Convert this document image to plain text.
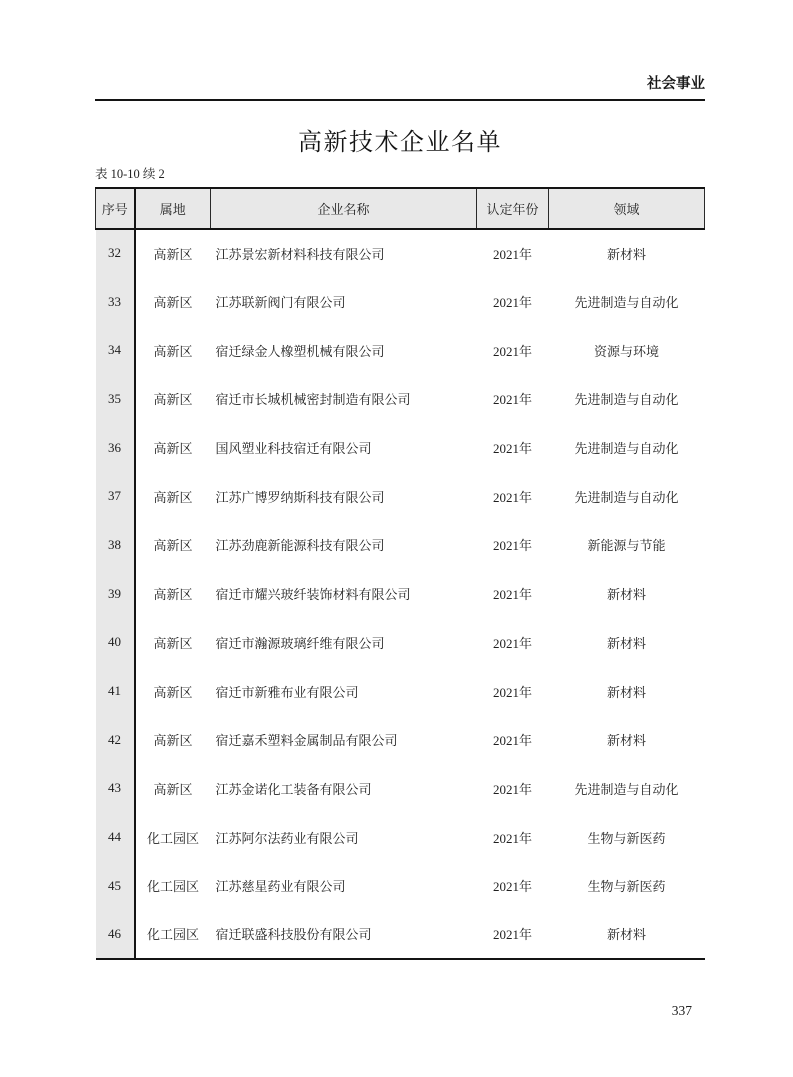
社会事业
高新技术企业名单
表 10-10 续 2
序号	属地	企业名称	认定年份	领域
32	高新区	江苏景宏新材料科技有限公司	2021年	新材料
33	高新区	江苏联新阀门有限公司	2021年	先进制造与自动化
34	高新区	宿迁绿金人橡塑机械有限公司	2021年	资源与环境
35	高新区	宿迁市长城机械密封制造有限公司	2021年	先进制造与自动化
36	高新区	国风塑业科技宿迁有限公司	2021年	先进制造与自动化
37	高新区	江苏广博罗纳斯科技有限公司	2021年	先进制造与自动化
38	高新区	江苏劲鹿新能源科技有限公司	2021年	新能源与节能
39	高新区	宿迁市耀兴玻纤装饰材料有限公司	2021年	新材料
40	高新区	宿迁市瀚源玻璃纤维有限公司	2021年	新材料
41	高新区	宿迁市新雅布业有限公司	2021年	新材料
42	高新区	宿迁嘉禾塑料金属制品有限公司	2021年	新材料
43	高新区	江苏金诺化工装备有限公司	2021年	先进制造与自动化
44	化工园区	江苏阿尔法药业有限公司	2021年	生物与新医药
45	化工园区	江苏慈星药业有限公司	2021年	生物与新医药
46	化工园区	宿迁联盛科技股份有限公司	2021年	新材料
337
